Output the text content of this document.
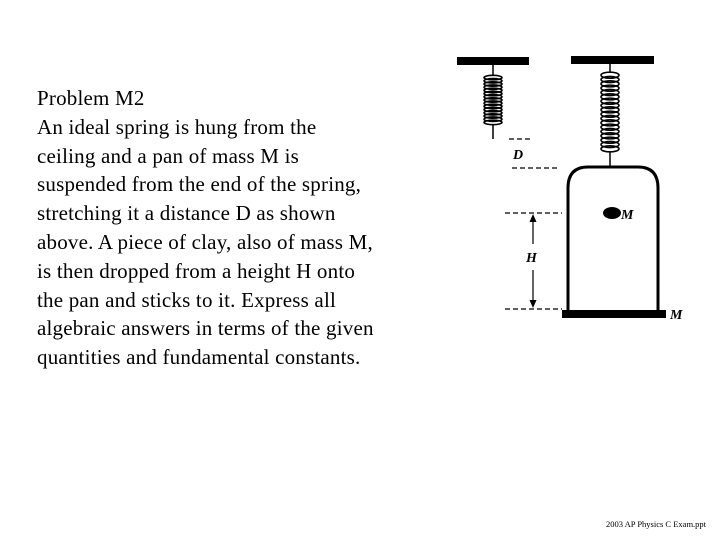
Problem M2
An ideal spring is hung from the
ceiling and a pan of mass M is
suspended from the end of the spring,
stretching it a distance D as shown
above. A piece of clay, also of mass M,
is then dropped from a height H onto
the pan and sticks to it. Express all
algebraic answers in terms of the given
quantities and fundamental constants.
D
M
H
M
2003 AP Physics C Exam.ppt
